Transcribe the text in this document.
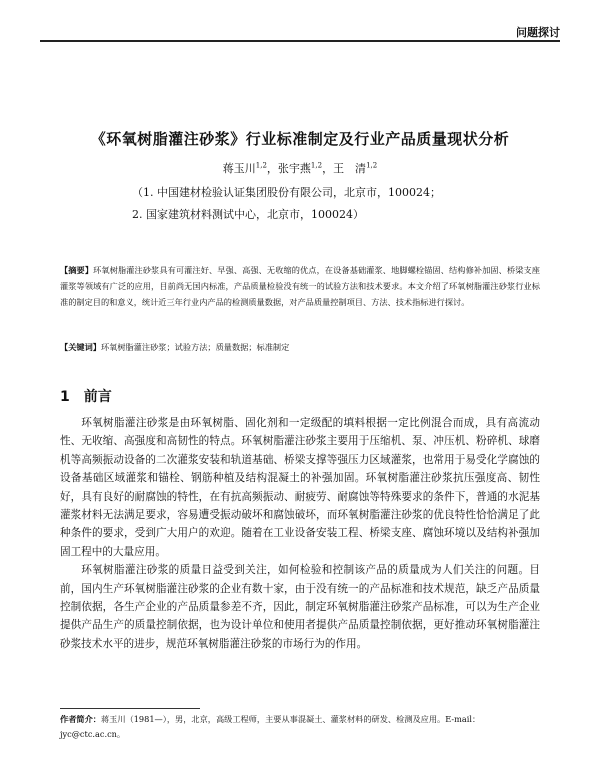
问题探讨
《环氧树脂灌注砂浆》行业标准制定及行业产品质量现状分析
蒋玉川$^{1,2}$，张宇燕$^{1,2}$，王　清$^{1,2}$
（1. 中国建材检验认证集团股份有限公司，北京市，100024；
2. 国家建筑材料测试中心，北京市，100024）
【摘要】环氧树脂灌注砂浆具有可灌注好、早强、高强、无收缩的优点，在设备基础灌浆、地脚螺栓锚固、结构修补加固、桥梁支座灌浆等领域有广泛的应用，目前尚无国内标准，产品质量检验没有统一的试验方法和技术要求。本文介绍了环氧树脂灌注砂浆行业标准的制定目的和意义，统计近三年行业内产品的检测质量数据，对产品质量控制项目、方法、技术指标进行探讨。
【关键词】环氧树脂灌注砂浆；试验方法；质量数据；标准制定
1 前言

环氧树脂灌注砂浆是由环氧树脂、固化剂和一定级配的填料根据一定比例混合而成，具有高流动性、无收缩、高强度和高韧性的特点。环氧树脂灌注砂浆主要用于压缩机、泵、冲压机、粉碎机、球磨机等高频振动设备的二次灌浆安装和轨道基础、桥梁支撑等强压力区域灌浆，也常用于易受化学腐蚀的设备基础区域灌浆和锚栓、钢筋种植及结构混凝土的补强加固。环氧树脂灌注砂浆抗压强度高、韧性好，具有良好的耐腐蚀的特性，在有抗高频振动、耐疲劳、耐腐蚀等特殊要求的条件下，普通的水泥基灌浆材料无法满足要求，容易遭受振动破坏和腐蚀破坏，而环氧树脂灌注砂浆的优良特性恰恰满足了此种条件的要求，受到广大用户的欢迎。随着在工业设备安装工程、桥梁支座、腐蚀环境以及结构补强加固工程中的大量应用。

环氧树脂灌注砂浆的质量日益受到关注，如何检验和控制该产品的质量成为人们关注的问题。目前，国内生产环氧树脂灌注砂浆的企业有数十家，由于没有统一的产品标准和技术规范，缺乏产品质量控制依据，各生产企业的产品质量参差不齐，因此，制定环氧树脂灌注砂浆产品标准，可以为生产企业提供产品生产的质量控制依据，也为设计单位和使用者提供产品质量控制依据，更好推动环氧树脂灌注砂浆技术水平的进步，规范环氧树脂灌注砂浆的市场行为的作用。

作者简介：蒋玉川（1981—），男，北京，高级工程师，主要从事混凝土、灌浆材料的研发、检测及应用。E-mail：jyc@ctc.ac.cn。
